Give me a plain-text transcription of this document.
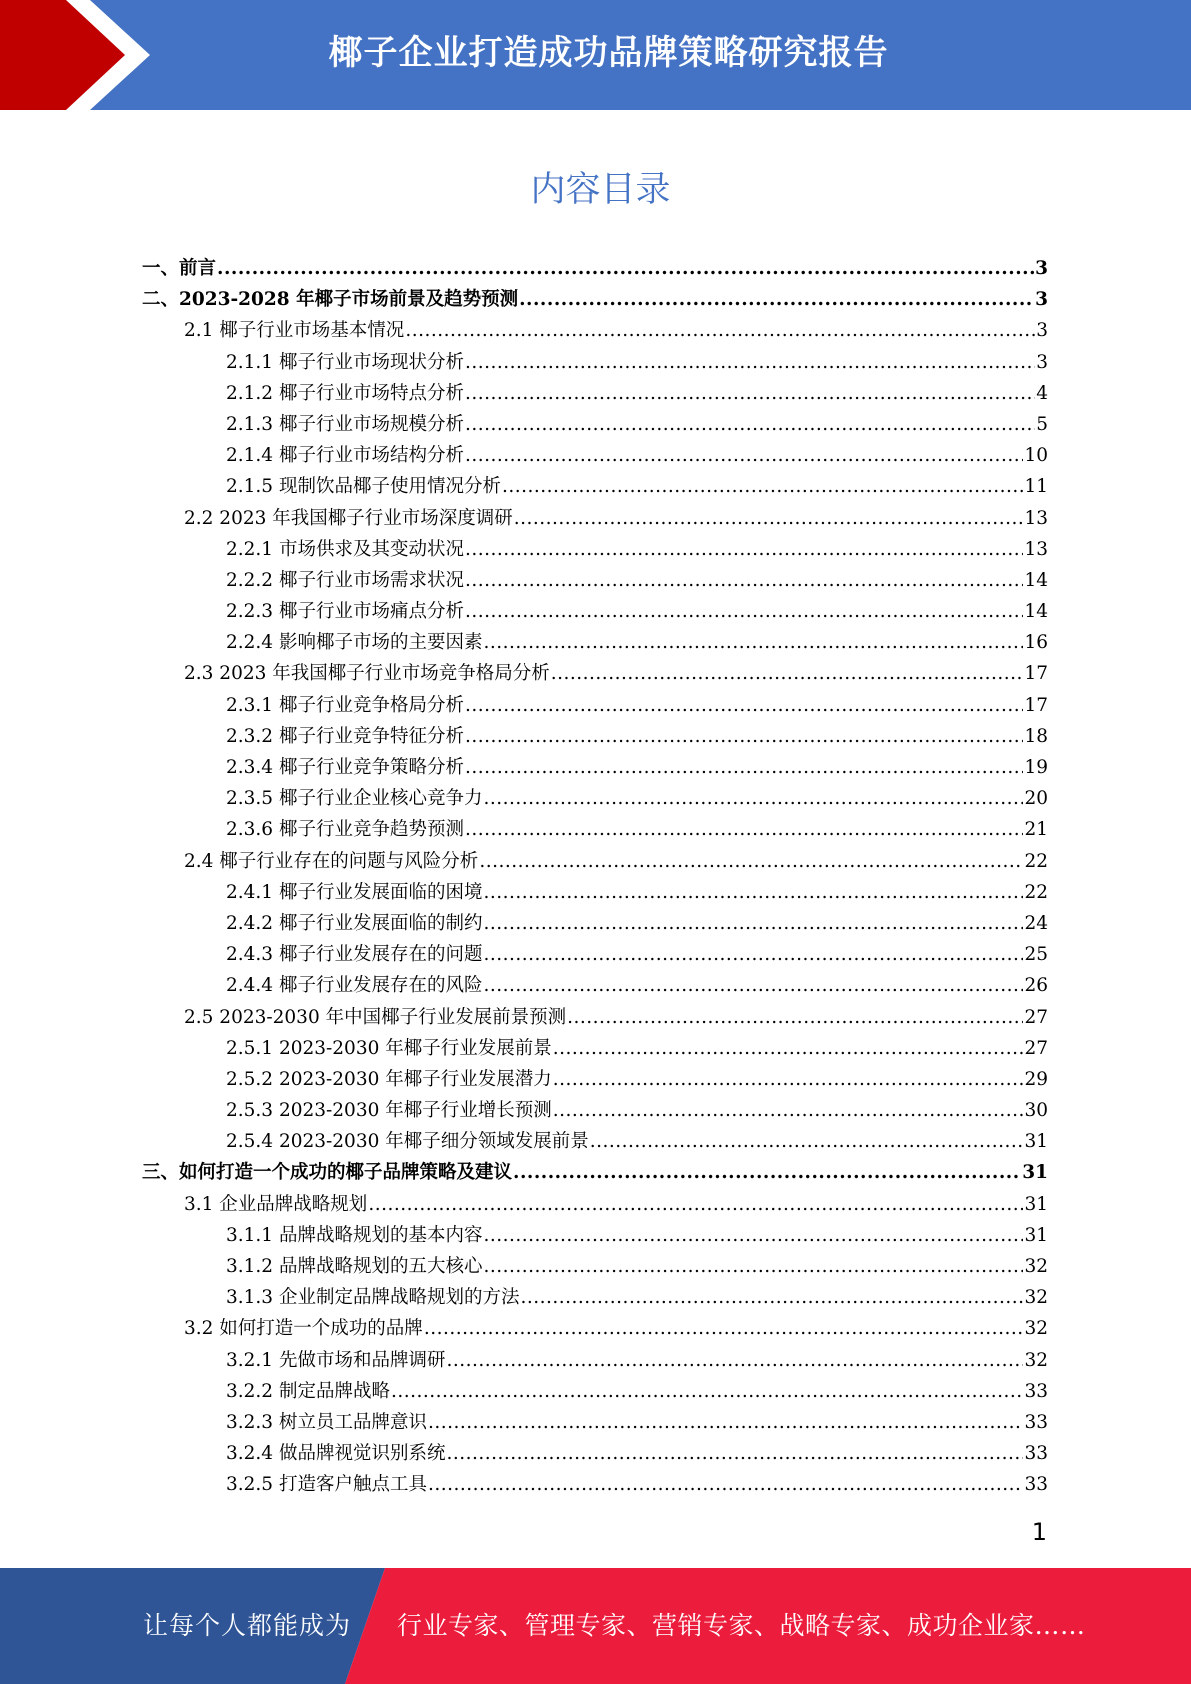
椰子企业打造成功品牌策略研究报告
内容目录
一、前言 .....	3
二、2023-2028 年椰子市场前景及趋势预测 .....	3
2.1 椰子行业市场基本情况 .....	3
2.1.1 椰子行业市场现状分析 .....	3
2.1.2 椰子行业市场特点分析 .....	4
2.1.3 椰子行业市场规模分析 .....	5
2.1.4 椰子行业市场结构分析 .....	10
2.1.5 现制饮品椰子使用情况分析 .....	11
2.2 2023 年我国椰子行业市场深度调研 .....	13
2.2.1 市场供求及其变动状况 .....	13
2.2.2 椰子行业市场需求状况 .....	14
2.2.3 椰子行业市场痛点分析 .....	14
2.2.4 影响椰子市场的主要因素 .....	16
2.3 2023 年我国椰子行业市场竞争格局分析 .....	17
2.3.1 椰子行业竞争格局分析 .....	17
2.3.2 椰子行业竞争特征分析 .....	18
2.3.4 椰子行业竞争策略分析 .....	19
2.3.5 椰子行业企业核心竞争力 .....	20
2.3.6 椰子行业竞争趋势预测 .....	21
2.4 椰子行业存在的问题与风险分析 .....	22
2.4.1 椰子行业发展面临的困境 .....	22
2.4.2 椰子行业发展面临的制约 .....	24
2.4.3 椰子行业发展存在的问题 .....	25
2.4.4 椰子行业发展存在的风险 .....	26
2.5 2023-2030 年中国椰子行业发展前景预测 .....	27
2.5.1 2023-2030 年椰子行业发展前景 .....	27
2.5.2 2023-2030 年椰子行业发展潜力 .....	29
2.5.3 2023-2030 年椰子行业增长预测 .....	30
2.5.4 2023-2030 年椰子细分领域发展前景 .....	31
三、如何打造一个成功的椰子品牌策略及建议 .....	31
3.1 企业品牌战略规划 .....	31
3.1.1 品牌战略规划的基本内容 .....	31
3.1.2 品牌战略规划的五大核心 .....	32
3.1.3 企业制定品牌战略规划的方法 .....	32
3.2 如何打造一个成功的品牌 .....	32
3.2.1 先做市场和品牌调研 .....	32
3.2.2 制定品牌战略 .....	33
3.2.3 树立员工品牌意识 .....	33
3.2.4 做品牌视觉识别系统 .....	33
3.2.5 打造客户触点工具 .....	33
1
让每个人都能成为 行业专家、管理专家、营销专家、战略专家、成功企业家……
